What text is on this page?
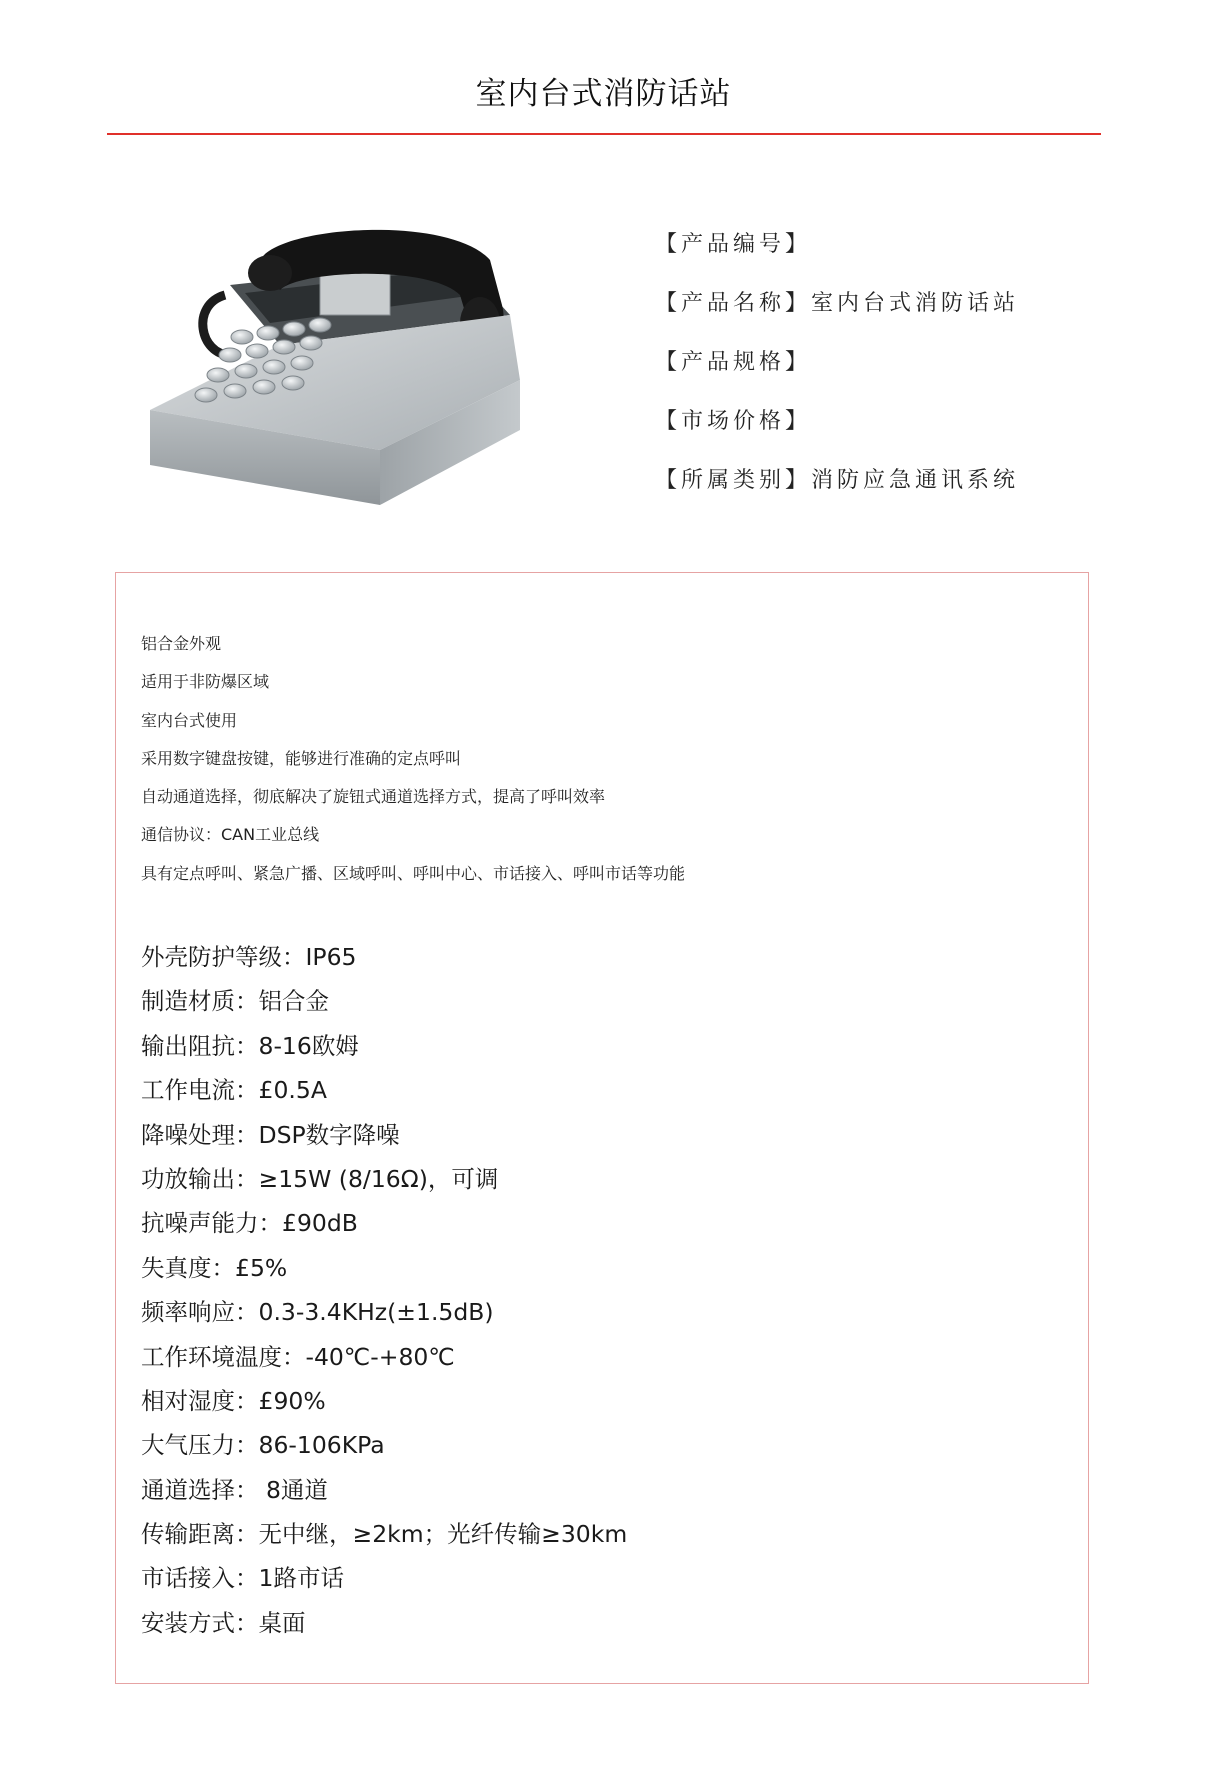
室内台式消防话站
【产品编号】
【产品名称】室内台式消防话站
【产品规格】
【市场价格】
【所属类别】消防应急通讯系统
铝合金外观
适用于非防爆区域
室内台式使用
采用数字键盘按键，能够进行准确的定点呼叫
自动通道选择，彻底解决了旋钮式通道选择方式，提高了呼叫效率
通信协议：CAN工业总线
具有定点呼叫、紧急广播、区域呼叫、呼叫中心、市话接入、呼叫市话等功能
外壳防护等级：IP65
制造材质：铝合金
输出阻抗：8-16欧姆
工作电流：£0.5A
降噪处理：DSP数字降噪
功放输出：≥15W (8/16Ω)，可调
抗噪声能力：£90dB
失真度：£5%
频率响应：0.3-3.4KHz(±1.5dB)
工作环境温度：-40℃-+80℃
相对湿度：£90%
大气压力：86-106KPa
通道选择： 8通道
传输距离：无中继，≥2km；光纤传输≥30km
市话接入：1路市话
安装方式：桌面
